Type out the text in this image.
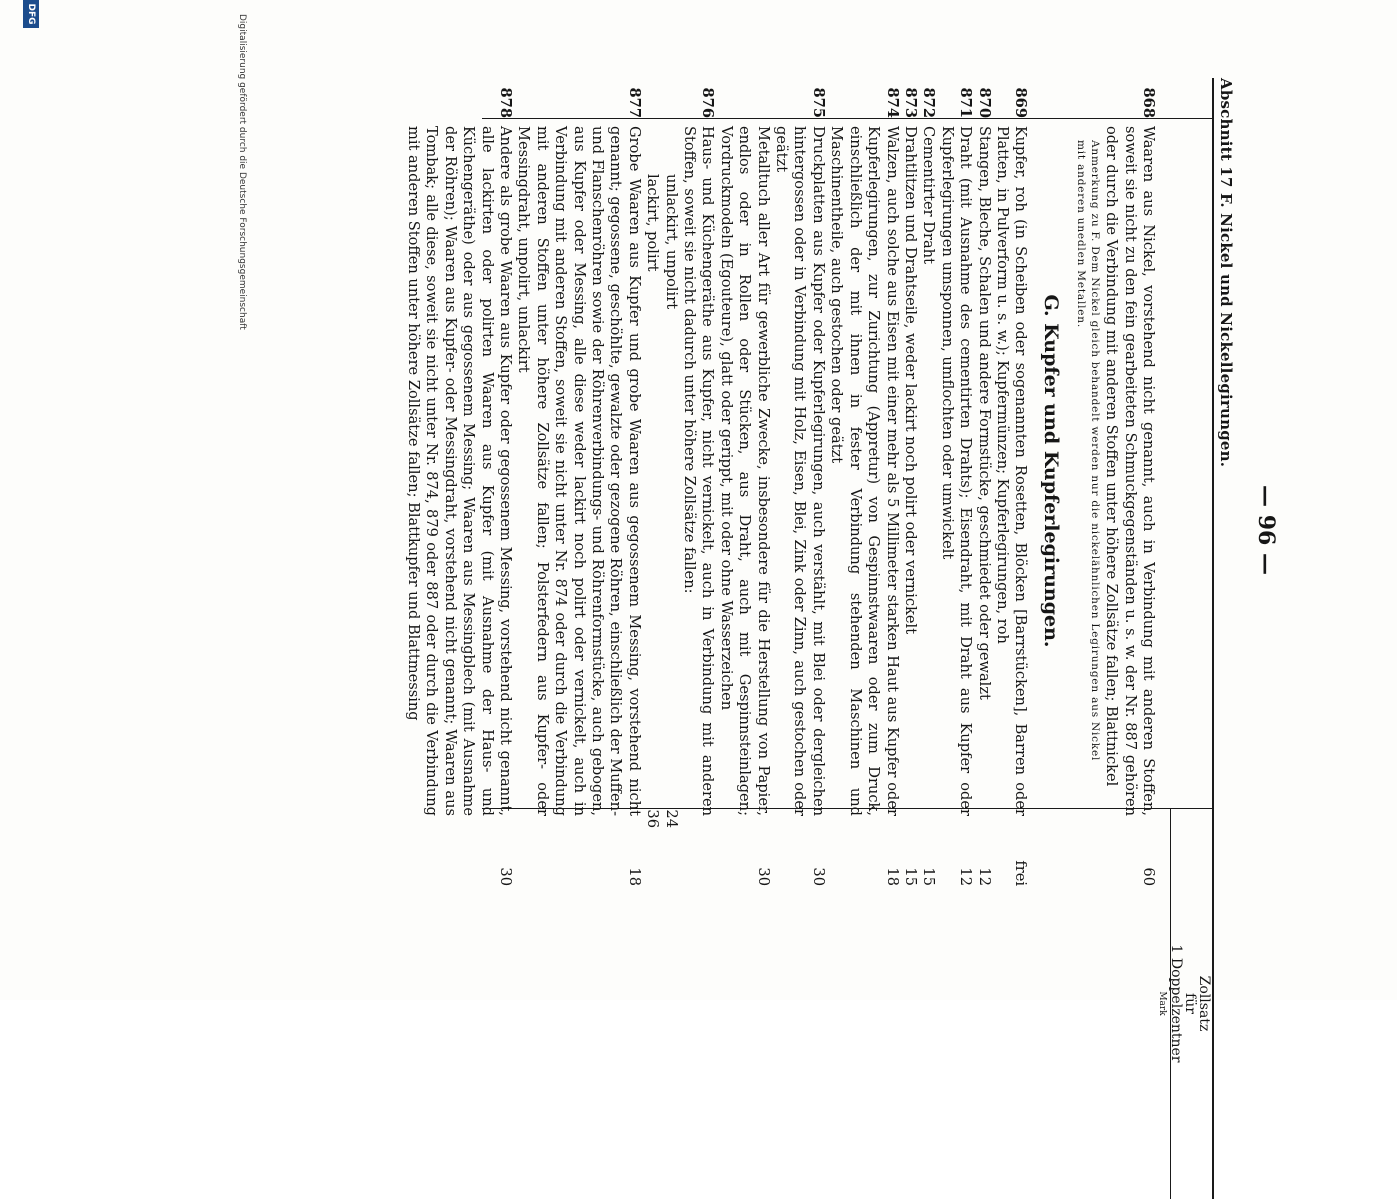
Abschnitt 17 F. Nickel und Nickellegirungen.
— 96 —
Zollsatz
für
1 Doppelzentner
Mark
868
Waaren aus Nickel, vorstehend nicht genannt, auch in Verbindung mit anderen Stoffen, soweit sie nicht zu den fein gearbeiteten Schmuckgegenständen u. s. w. der Nr. 887 gehören oder durch die Verbindung mit anderen Stoffen unter höhere Zollsätze fallen; Blattnickel
60
Anmerkung zu F. Dem Nickel gleich behandelt werden nur die nickelähnlichen Legirungen aus Nickel mit anderen unedlen Metallen.
G. Kupfer und Kupferlegirungen.
869
Kupfer, roh (in Scheiben oder sogenannten Rosetten, Blöcken [Barrstücken], Barren oder Platten, in Pulverform u. s. w.); Kupfermünzen; Kupferlegirungen, roh
frei
870
Stangen, Bleche, Schalen und andere Formstücke, geschmiedet oder gewalzt
12
871
Draht (mit Ausnahme des cementirten Drahts); Eisendraht, mit Draht aus Kupfer oder Kupferlegirungen umsponnen, umflochten oder umwickelt
12
872
Cementirter Draht
15
873
Drahtlitzen und Drahtseile, weder lackirt noch polirt oder vernickelt
15
874
Walzen, auch solche aus Eisen mit einer mehr als 5 Millimeter starken Haut aus Kupfer oder Kupferlegirungen, zur Zurichtung (Appretur) von Gespinnstwaaren oder zum Druck, einschließlich der mit ihnen in fester Verbindung stehenden Maschinen und Maschinentheile, auch gestochen oder geätzt
18
875
Druckplatten aus Kupfer oder Kupferlegirungen, auch verstählt, mit Blei oder dergleichen hintergossen oder in Verbindung mit Holz, Eisen, Blei, Zink oder Zinn, auch gestochen oder geätzt
30
Metalltuch aller Art für gewerbliche Zwecke, insbesondere für die Herstellung von Papier, endlos oder in Rollen oder Stücken, aus Draht, auch mit Gespinnsteinlagen; Vordruckmodeln (Egouteure), glatt oder gerippt, mit oder ohne Wasserzeichen
30
876
Haus- und Küchengeräthe aus Kupfer, nicht vernickelt, auch in Verbindung mit anderen Stoffen, soweit sie nicht dadurch unter höhere Zollsätze fallen:
unlackirt, unpolirt
24
lackirt, polirt
36
877
Grobe Waaren aus Kupfer und grobe Waaren aus gegossenem Messing, vorstehend nicht genannt; gegossene, geschöhlte, gewalzte oder gezogene Röhren, einschließlich der Muffen- und Flanschenröhren sowie der Röhrenverbindungs- und Röhrenformstücke, auch gebogen, aus Kupfer oder Messing, alle diese weder lackirt noch polirt oder vernickelt, auch in Verbindung mit anderen Stoffen, soweit sie nicht unter Nr. 874 oder durch die Verbindung mit anderen Stoffen unter höhere Zollsätze fallen; Polsterfedern aus Kupfer- oder Messingdraht, unpolirt, unlackirt
18
878
Andere als grobe Waaren aus Kupfer oder gegossenem Messing, vorstehend nicht genannt, alle lackirten oder polirten Waaren aus Kupfer (mit Ausnahme der Haus- und Küchengeräthe) oder aus gegossenem Messing; Waaren aus Messingblech (mit Ausnahme der Röhren); Waaren aus Kupfer- oder Messingdraht, vorstehend nicht genannt; Waaren aus Tombak; alle diese, soweit sie nicht unter Nr. 874, 879 oder 887 oder durch die Verbindung mit anderen Stoffen unter höhere Zollsätze fallen; Blattkupfer und Blattmessing
30
Digitalisierung gefördert durch die Deutsche Forschungsgemeinschaft
DFG
